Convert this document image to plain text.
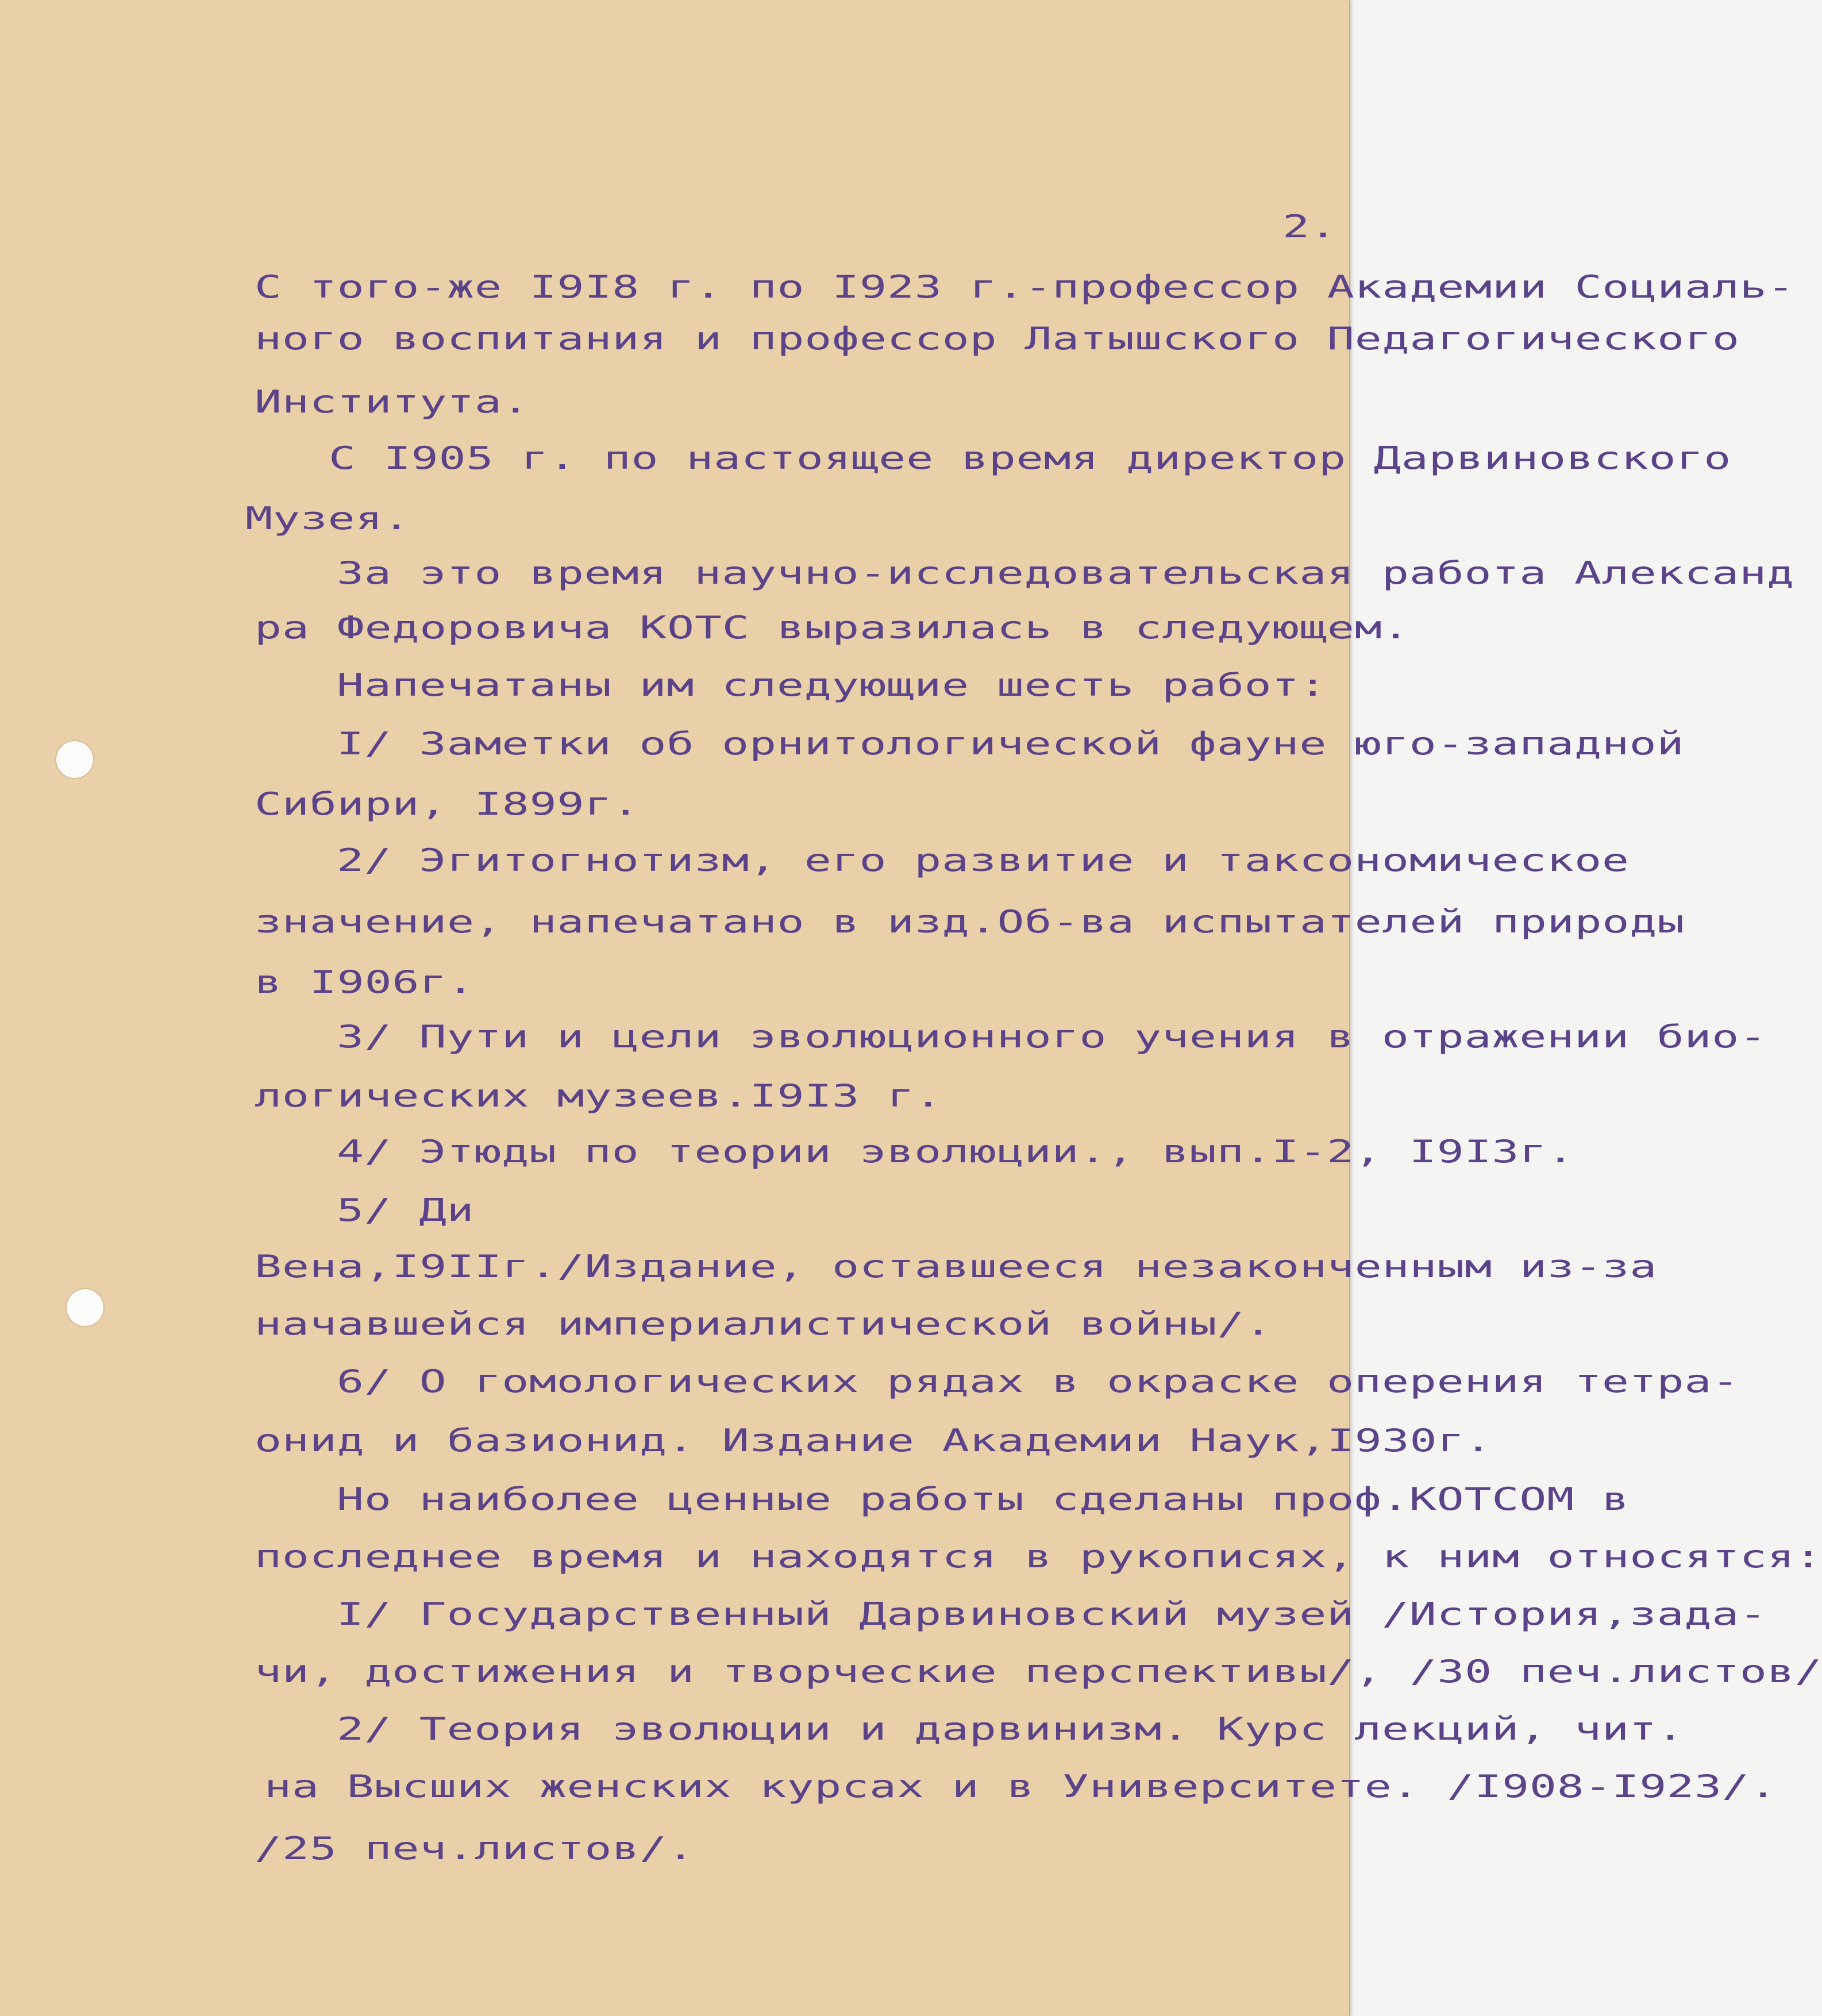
2.
С того-же I9I8 г. по I923 г.-профессор Академии Социаль-
ного воспитания и профессор Латышского Педагогического
Института.
С I905 г. по настоящее время директор Дарвиновского
Музея.
За это время научно-исследовательская работа Александ
ра Федоровича КОТС выразилась в следующем.
Напечатаны им следующие шесть работ:
I/ Заметки об орнитологической фауне юго-западной
Сибири, I899г.
2/ Эгитогнотизм, его развитие и таксономическое
значение, напечатано в изд.Об-ва испытателей природы
в I906г.
3/ Пути и цели эволюционного учения в отражении био-
логических музеев.I9I3 г.
4/ Этюды по теории эволюции., вып.I-2, I9I3г.
5/ Ди
Вена,I9IIг./Издание, оставшееся незаконченным из-за
начавшейся империалистической войны/.
6/ О гомологических рядах в окраске оперения тетра-
онид и базионид. Издание Академии Наук,I930г.
Но наиболее ценные работы сделаны проф.КОТСОМ в
последнее время и находятся в рукописях, к ним относятся:
I/ Государственный Дарвиновский музей /История,зада-
чи, достижения и творческие перспективы/, /30 печ.листов/
2/ Теория эволюции и дарвинизм. Курс лекций, чит.
на Высших женских курсах и в Университете. /I908-I923/.
/25 печ.листов/.
